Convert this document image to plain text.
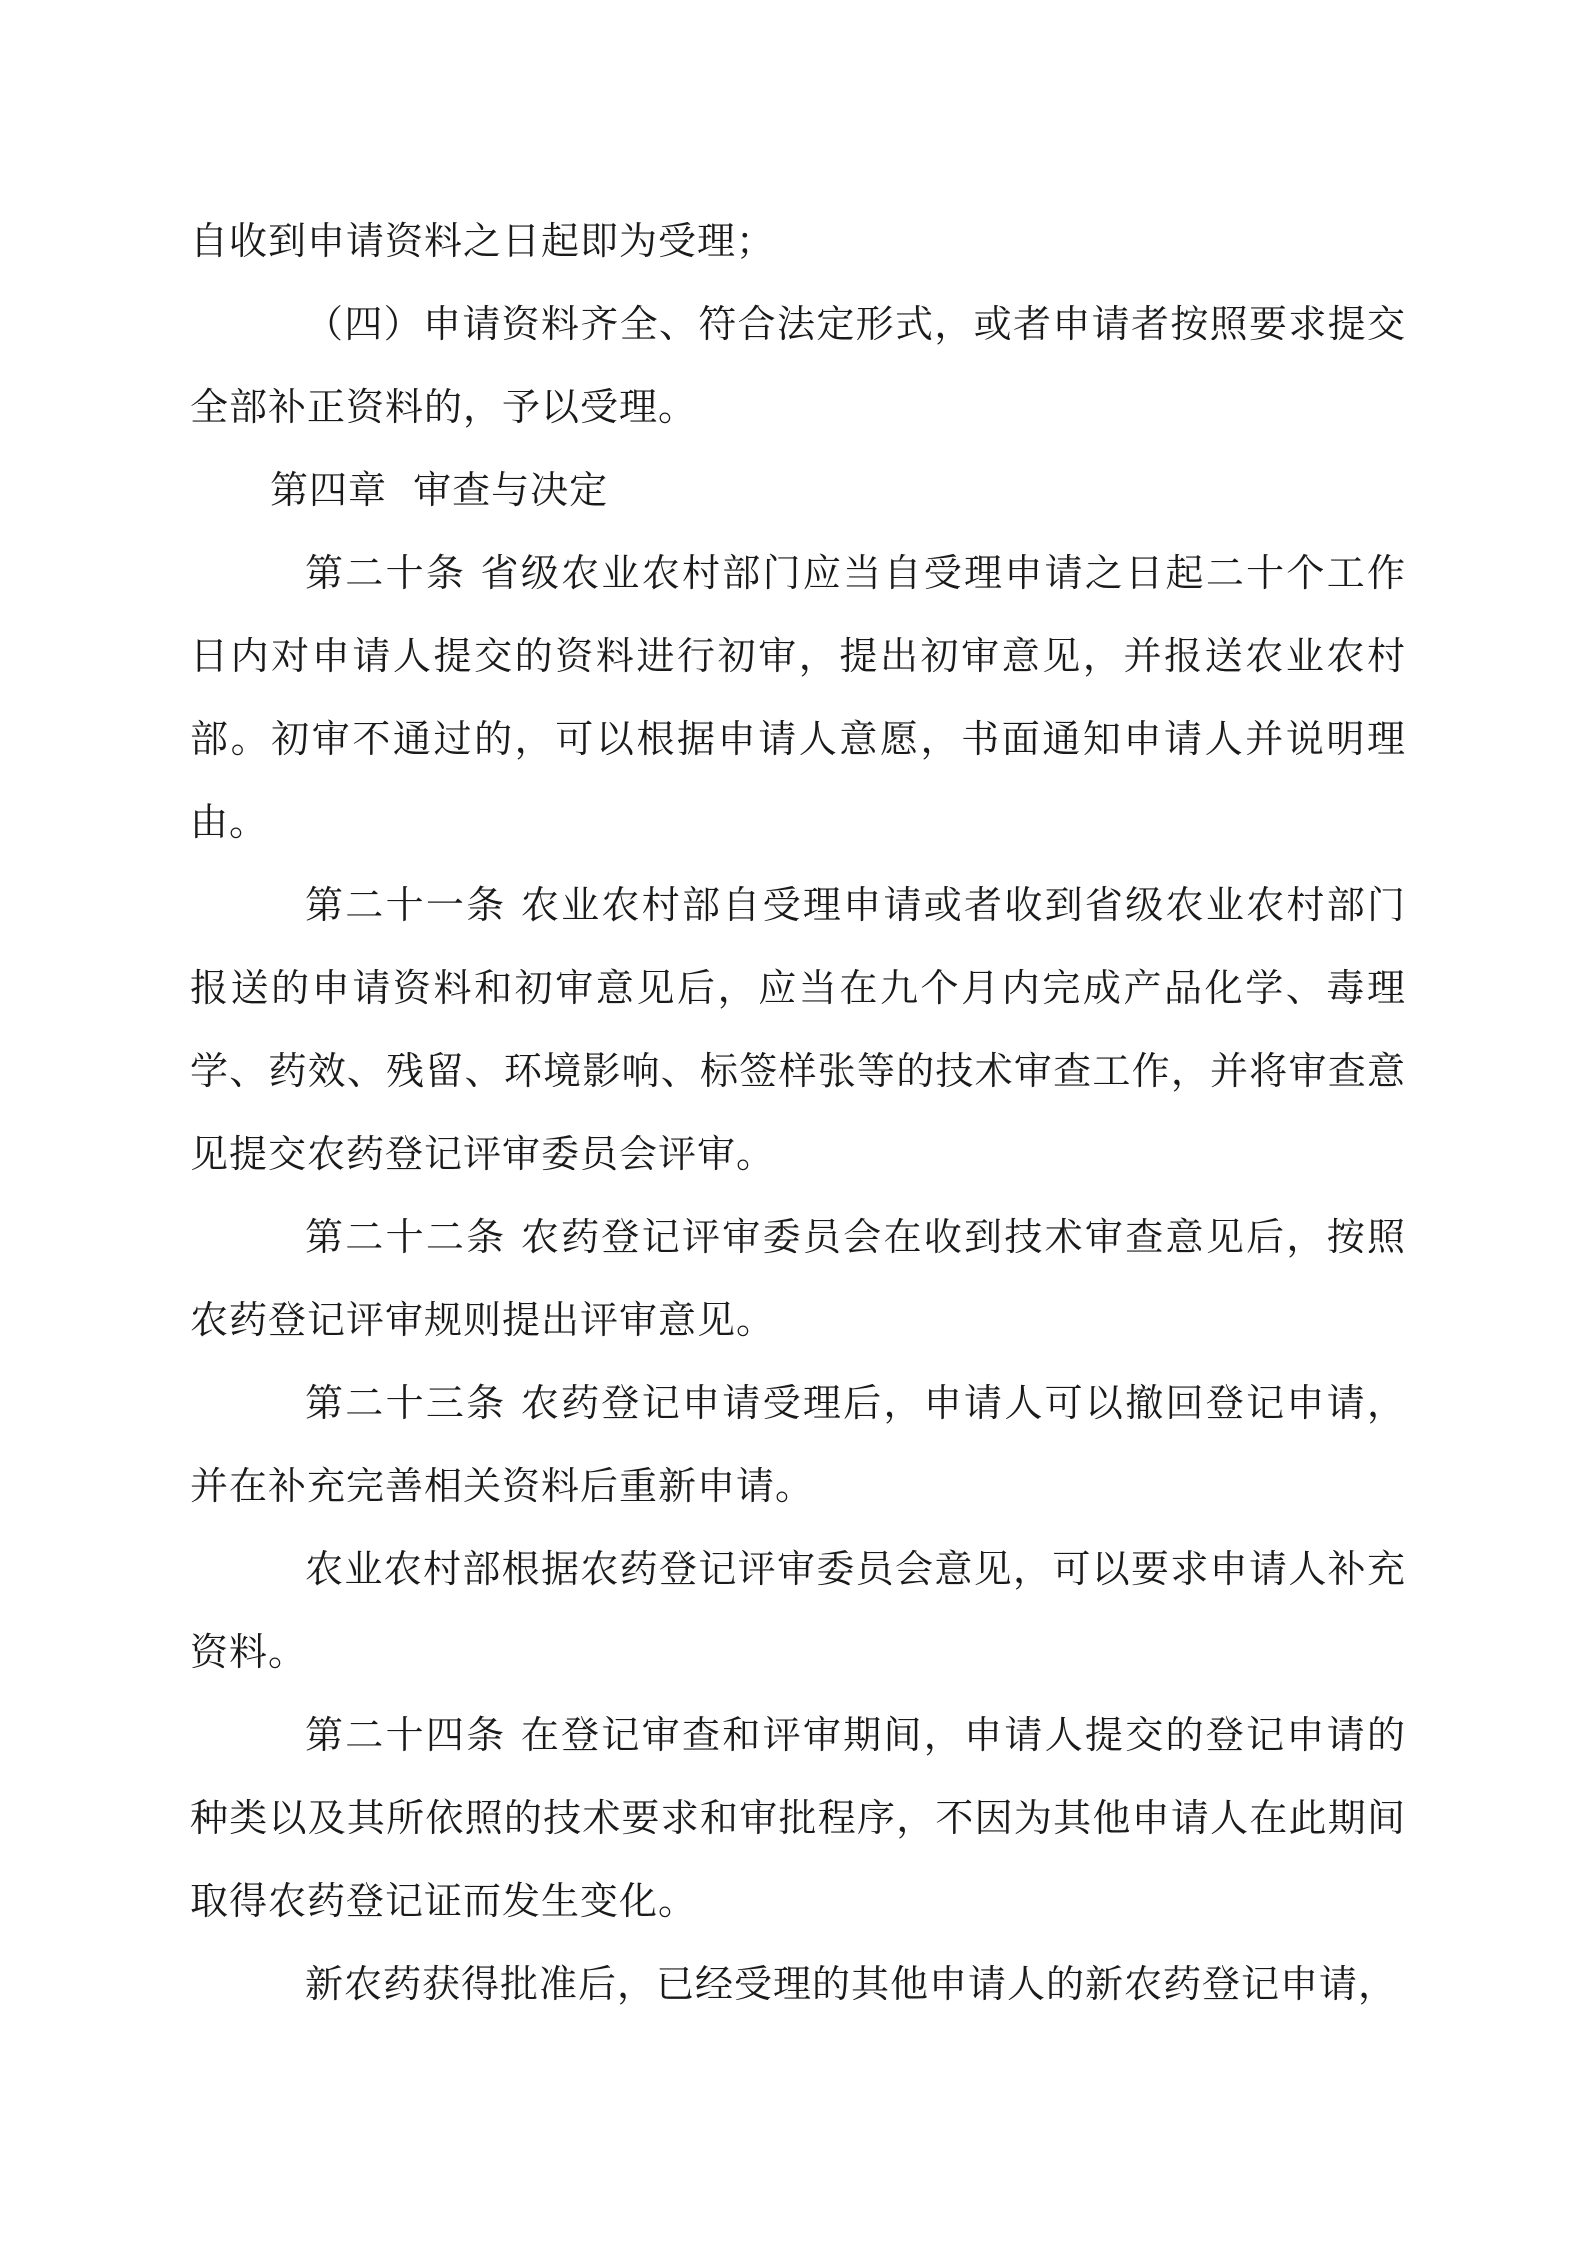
自收到申请资料之日起即为受理；

（四）申请资料齐全、符合法定形式，或者申请者按照要求提交全部补正资料的，予以受理。

第四章  审查与决定

第二十条 省级农业农村部门应当自受理申请之日起二十个工作日内对申请人提交的资料进行初审，提出初审意见，并报送农业农村部。初审不通过的，可以根据申请人意愿，书面通知申请人并说明理由。

第二十一条 农业农村部自受理申请或者收到省级农业农村部门报送的申请资料和初审意见后，应当在九个月内完成产品化学、毒理学、药效、残留、环境影响、标签样张等的技术审查工作，并将审查意见提交农药登记评审委员会评审。

第二十二条 农药登记评审委员会在收到技术审查意见后，按照农药登记评审规则提出评审意见。

第二十三条 农药登记申请受理后，申请人可以撤回登记申请，并在补充完善相关资料后重新申请。

农业农村部根据农药登记评审委员会意见，可以要求申请人补充资料。

第二十四条 在登记审查和评审期间，申请人提交的登记申请的种类以及其所依照的技术要求和审批程序，不因为其他申请人在此期间取得农药登记证而发生变化。

新农药获得批准后，已经受理的其他申请人的新农药登记申请，
